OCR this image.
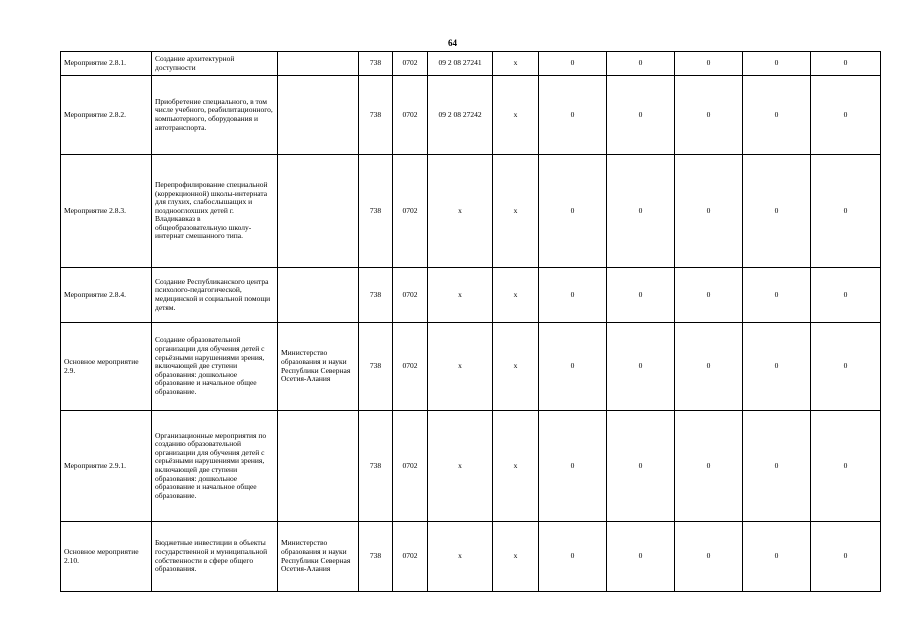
64
Мероприятие 2.8.1.	Создание архитектурной доступности		738	0702	09 2 08 27241	x	0	0	0	0	0
Мероприятие 2.8.2.	Приобретение специального, в том числе учебного, реабилитационного, компьютерного, оборудования и автотранспорта.		738	0702	09 2 08 27242	x	0	0	0	0	0
Мероприятие 2.8.3.	Перепрофилирование специальной (коррекционной) школы-интерната для глухих, слабослышащих и позднооглохших детей г. Владикавказ в общеобразовательную школу-интернат смешанного типа.		738	0702	x	x	0	0	0	0	0
Мероприятие 2.8.4.	Создание Республиканского центра психолого-педагогической, медицинской и социальной помощи детям.		738	0702	x	x	0	0	0	0	0
Основное мероприятие 2.9.	Создание образовательной организации для обучения детей с серьёзными нарушениями зрения, включающей две ступени образования: дошкольное образование и начальное общее образование.	Министерство образования и науки Республики Северная Осетия-Алания	738	0702	x	x	0	0	0	0	0
Мероприятие 2.9.1.	Организационные мероприятия по созданию образовательной организации для обучения детей с серьёзными нарушениями зрения, включающей две ступени образования: дошкольное образование и начальное общее образование.		738	0702	x	x	0	0	0	0	0
Основное мероприятие 2.10.	Бюджетные инвестиции в объекты государственной и муниципальной собственности в сфере общего образования.	Министерство образования и науки Республики Северная Осетия-Алания	738	0702	x	x	0	0	0	0	0
